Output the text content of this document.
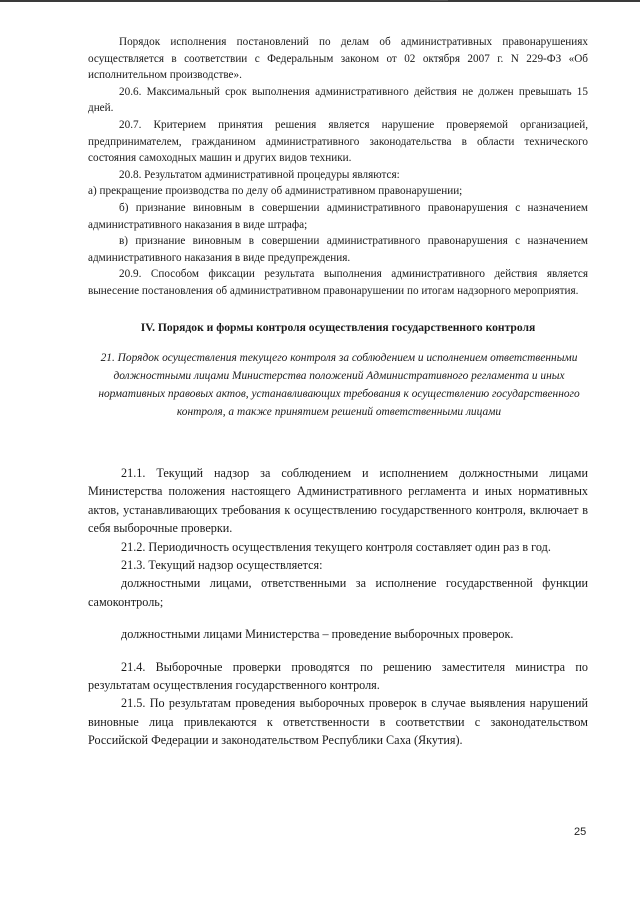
Порядок исполнения постановлений по делам об административных правонарушениях осуществляется в соответствии с Федеральным законом от 02 октября 2007 г. N 229-ФЗ «Об исполнительном производстве».

20.6. Максимальный срок выполнения административного действия не должен превышать 15 дней.

20.7. Критерием принятия решения является нарушение проверяемой организацией, предпринимателем, гражданином административного законодательства в области технического состояния самоходных машин и других видов техники.

20.8. Результатом административной процедуры являются:

а) прекращение производства по делу об административном правонарушении;

б) признание виновным в совершении административного правонарушения с назначением административного наказания в виде штрафа;

в) признание виновным в совершении административного правонарушения с назначением административного наказания в виде предупреждения.

20.9. Способом фиксации результата выполнения административного действия является вынесение постановления об административном правонарушении по итогам надзорного мероприятия.

IV. Порядок и формы контроля осуществления государственного контроля
21. Порядок осуществления текущего контроля за соблюдением и исполнением ответственными должностными лицами Министерства положений Административного регламента и иных нормативных правовых актов, устанавливающих требования к осуществлению государственного контроля, а также принятием решений ответственными лицами

21.1. Текущий надзор за соблюдением и исполнением должностными лицами Министерства положения настоящего Административного регламента и иных нормативных актов, устанавливающих требования к осуществлению государственного контроля, включает в себя выборочные проверки.

21.2. Периодичность осуществления текущего контроля составляет один раз в год.

21.3. Текущий надзор осуществляется:

должностными лицами, ответственными за исполнение государственной функции самоконтроль;

должностными лицами Министерства – проведение выборочных проверок.

21.4. Выборочные проверки проводятся по решению заместителя министра по результатам осуществления государственного контроля.

21.5. По результатам проведения выборочных проверок в случае выявления нарушений виновные лица привлекаются к ответственности в соответствии с законодательством Российской Федерации и законодательством Республики Саха (Якутия).

25
